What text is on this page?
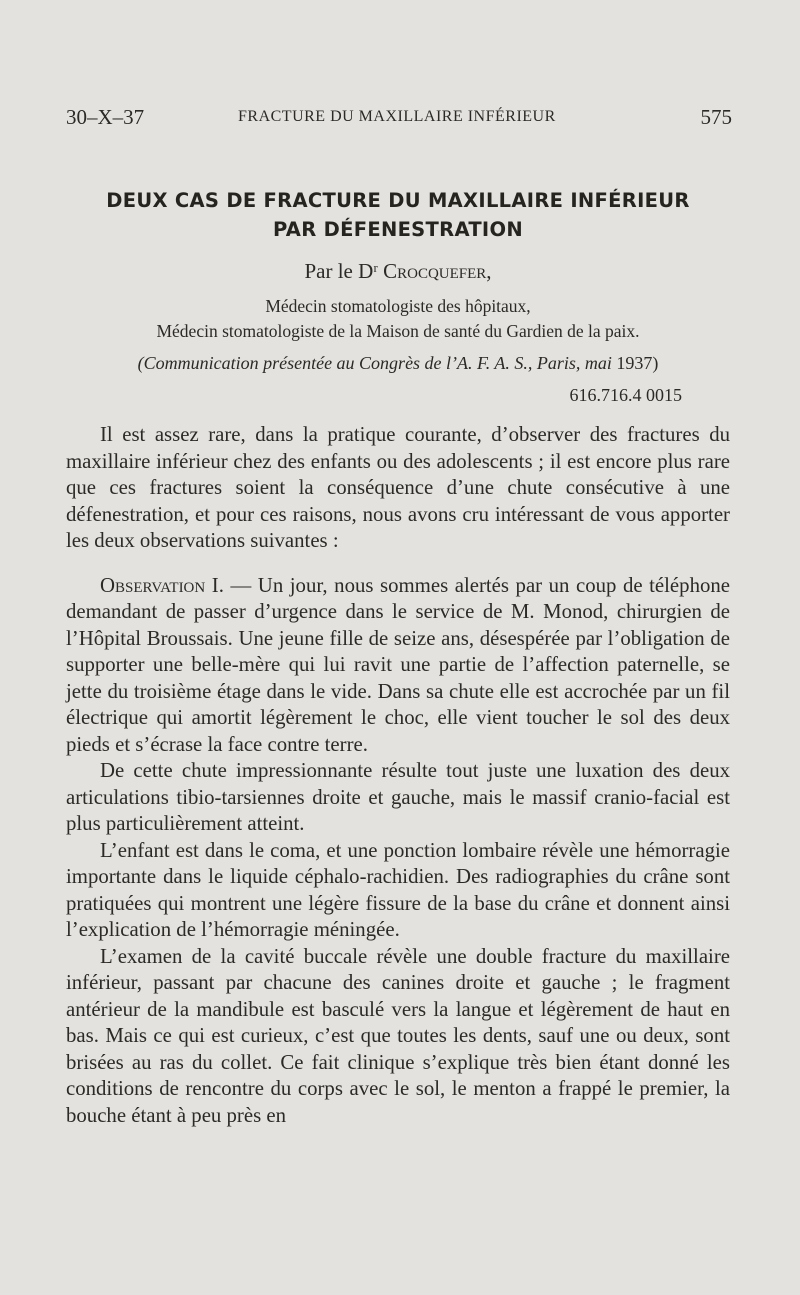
30–X–37	FRACTURE DU MAXILLAIRE INFÉRIEUR	575
DEUX CAS DE FRACTURE DU MAXILLAIRE INFÉRIEUR
PAR DÉFENESTRATION
Par le Dʳ Crocquefer,
Médecin stomatologiste des hôpitaux,
Médecin stomatologiste de la Maison de santé du Gardien de la paix.
(Communication présentée au Congrès de l’A. F. A. S., Paris, mai 1937)
616.716.4 0015

Il est assez rare, dans la pratique courante, d’observer des fractures du maxillaire inférieur chez des enfants ou des adolescents ; il est encore plus rare que ces fractures soient la conséquence d’une chute consécutive à une défenestration, et pour ces raisons, nous avons cru intéressant de vous apporter les deux observations suivantes :

Observation I. — Un jour, nous sommes alertés par un coup de téléphone demandant de passer d’urgence dans le service de M. Monod, chirurgien de l’Hôpital Broussais. Une jeune fille de seize ans, désespérée par l’obligation de supporter une belle-mère qui lui ravit une partie de l’affection paternelle, se jette du troisième étage dans le vide. Dans sa chute elle est accrochée par un fil électrique qui amortit légèrement le choc, elle vient toucher le sol des deux pieds et s’écrase la face contre terre.

De cette chute impressionnante résulte tout juste une luxation des deux articulations tibio-tarsiennes droite et gauche, mais le massif cranio-facial est plus particulièrement atteint.

L’enfant est dans le coma, et une ponction lombaire révèle une hémorragie importante dans le liquide céphalo-rachidien. Des radiographies du crâne sont pratiquées qui montrent une légère fissure de la base du crâne et donnent ainsi l’explication de l’hémorragie méningée.

L’examen de la cavité buccale révèle une double fracture du maxillaire inférieur, passant par chacune des canines droite et gauche ; le fragment antérieur de la mandibule est basculé vers la langue et légèrement de haut en bas. Mais ce qui est curieux, c’est que toutes les dents, sauf une ou deux, sont brisées au ras du collet. Ce fait clinique s’explique très bien étant donné les conditions de rencontre du corps avec le sol, le menton a frappé le premier, la bouche étant à peu près en
